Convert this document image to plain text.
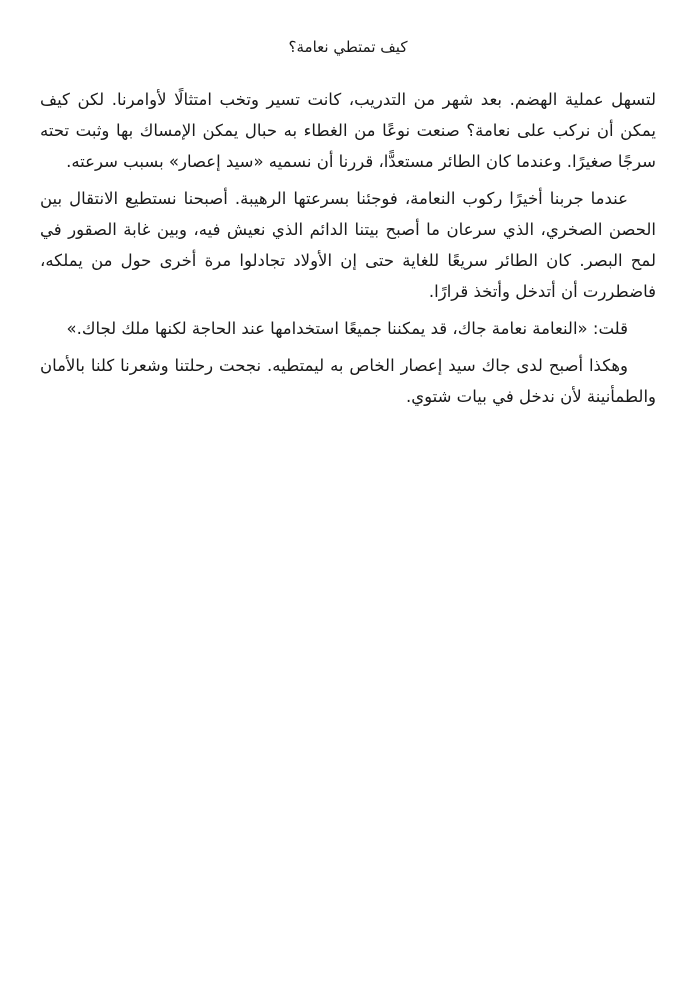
كيف تمتطي نعامة؟

لتسهل عملية الهضم. بعد شهر من التدريب، كانت تسير وتخب امتثالًا لأوامرنا. لكن كيف يمكن أن نركب على نعامة؟ صنعت نوعًا من الغطاء به حبال يمكن الإمساك بها وثبت تحته سرجًا صغيرًا. وعندما كان الطائر مستعدًّا، قررنا أن نسميه «سيد إعصار» بسبب سرعته.

عندما جربنا أخيرًا ركوب النعامة، فوجئنا بسرعتها الرهيبة. أصبحنا نستطيع الانتقال بين الحصن الصخري، الذي سرعان ما أصبح بيتنا الدائم الذي نعيش فيه، وبين غابة الصقور في لمح البصر. كان الطائر سريعًا للغاية حتى إن الأولاد تجادلوا مرة أخرى حول من يملكه، فاضطررت أن أتدخل وأتخذ قرارًا.

قلت: «النعامة نعامة جاك، قد يمكننا جميعًا استخدامها عند الحاجة لكنها ملك لجاك.»

وهكذا أصبح لدى جاك سيد إعصار الخاص به ليمتطيه. نجحت رحلتنا وشعرنا كلنا بالأمان والطمأنينة لأن ندخل في بيات شتوي.
